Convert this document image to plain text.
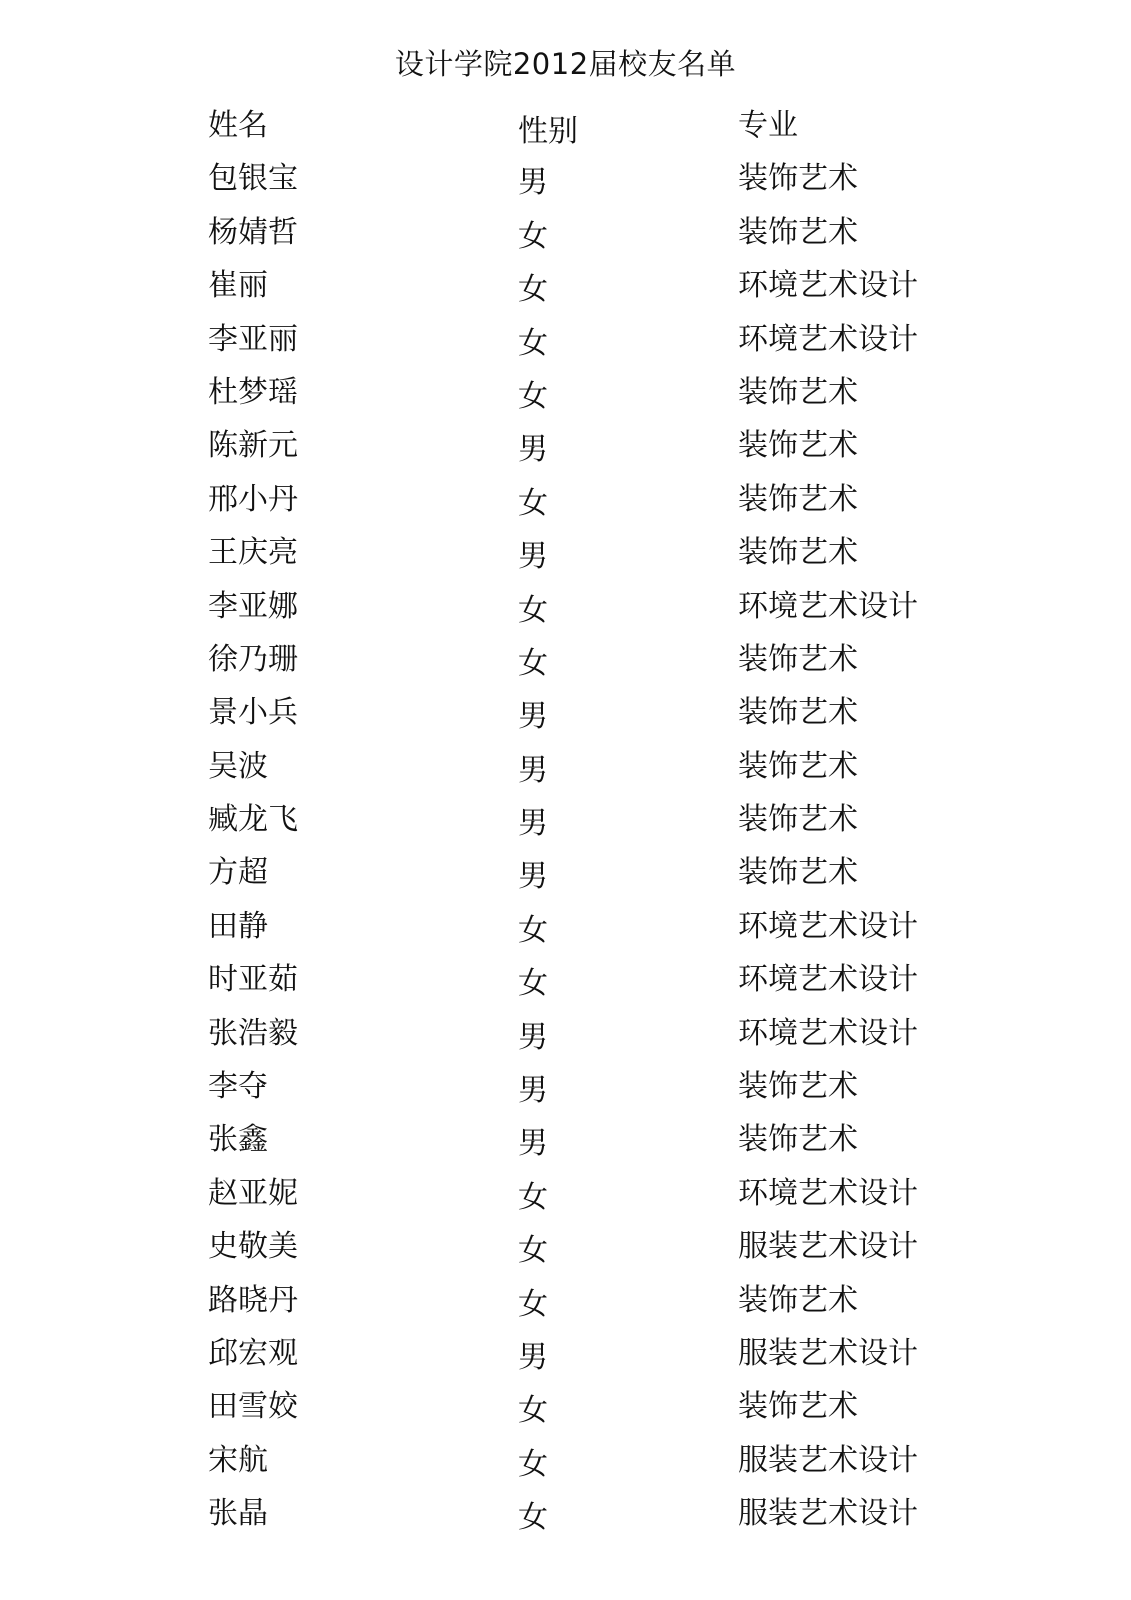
设计学院2012届校友名单
姓名	性别	专业
包银宝	男	装饰艺术
杨婧哲	女	装饰艺术
崔丽	女	环境艺术设计
李亚丽	女	环境艺术设计
杜梦瑶	女	装饰艺术
陈新元	男	装饰艺术
邢小丹	女	装饰艺术
王庆亮	男	装饰艺术
李亚娜	女	环境艺术设计
徐乃珊	女	装饰艺术
景小兵	男	装饰艺术
吴波	男	装饰艺术
臧龙飞	男	装饰艺术
方超	男	装饰艺术
田静	女	环境艺术设计
时亚茹	女	环境艺术设计
张浩毅	男	环境艺术设计
李夺	男	装饰艺术
张鑫	男	装饰艺术
赵亚妮	女	环境艺术设计
史敬美	女	服装艺术设计
路晓丹	女	装饰艺术
邱宏观	男	服装艺术设计
田雪姣	女	装饰艺术
宋航	女	服装艺术设计
张晶	女	服装艺术设计
